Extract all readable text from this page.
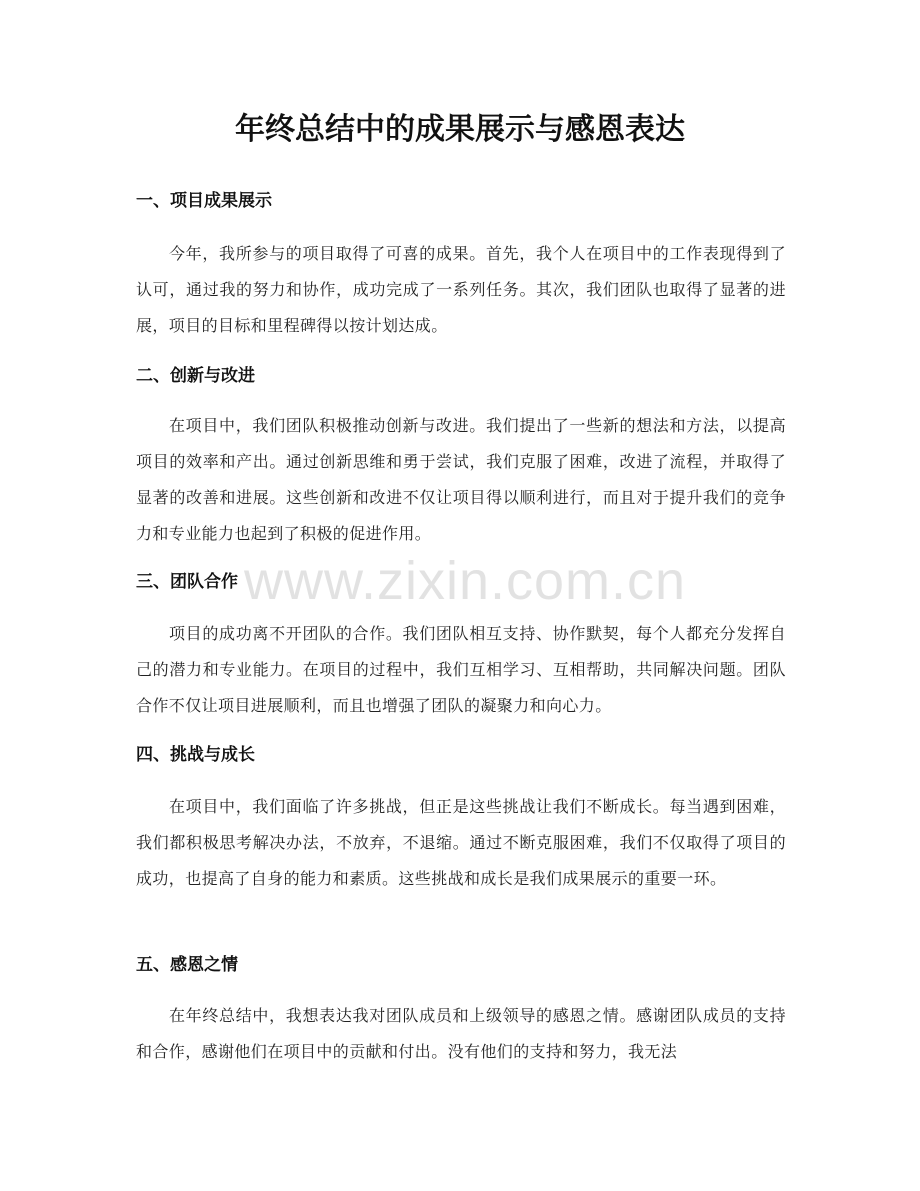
年终总结中的成果展示与感恩表达
一、项目成果展示

今年，我所参与的项目取得了可喜的成果。首先，我个人在项目中的工作表现得到了认可，通过我的努力和协作，成功完成了一系列任务。其次，我们团队也取得了显著的进展，项目的目标和里程碑得以按计划达成。

二、创新与改进

在项目中，我们团队积极推动创新与改进。我们提出了一些新的想法和方法，以提高项目的效率和产出。通过创新思维和勇于尝试，我们克服了困难，改进了流程，并取得了显著的改善和进展。这些创新和改进不仅让项目得以顺利进行，而且对于提升我们的竞争力和专业能力也起到了积极的促进作用。

三、团队合作

项目的成功离不开团队的合作。我们团队相互支持、协作默契，每个人都充分发挥自己的潜力和专业能力。在项目的过程中，我们互相学习、互相帮助，共同解决问题。团队合作不仅让项目进展顺利，而且也增强了团队的凝聚力和向心力。

四、挑战与成长

在项目中，我们面临了许多挑战，但正是这些挑战让我们不断成长。每当遇到困难，我们都积极思考解决办法，不放弃，不退缩。通过不断克服困难，我们不仅取得了项目的成功，也提高了自身的能力和素质。这些挑战和成长是我们成果展示的重要一环。

五、感恩之情

在年终总结中，我想表达我对团队成员和上级领导的感恩之情。感谢团队成员的支持和合作，感谢他们在项目中的贡献和付出。没有他们的支持和努力，我无法

www.zixin.com.cn
